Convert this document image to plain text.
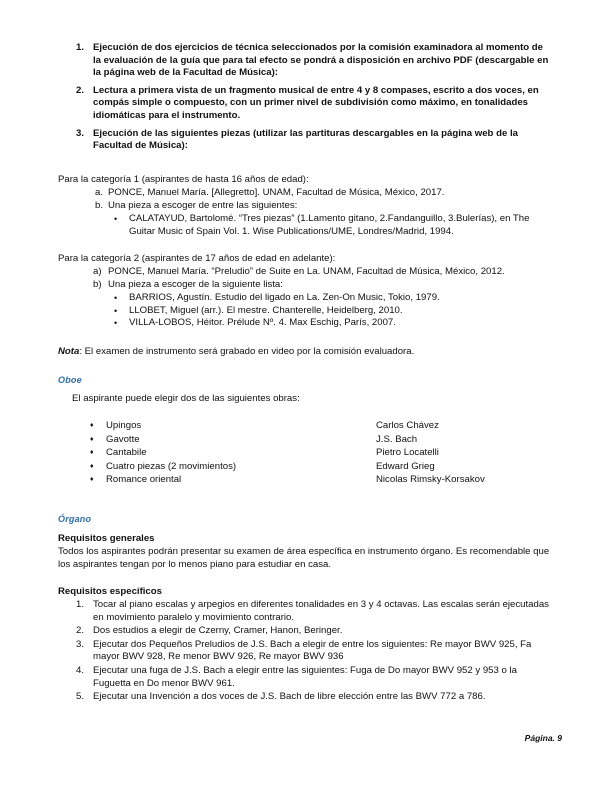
1. Ejecución de dos ejercicios de técnica seleccionados por la comisión examinadora al momento de la evaluación de la guía que para tal efecto se pondrá a disposición en archivo PDF (descargable en la página web de la Facultad de Música):
2. Lectura a primera vista de un fragmento musical de entre 4 y 8 compases, escrito a dos voces, en compás simple o compuesto, con un primer nivel de subdivisión como máximo, en tonalidades idiomáticas para el instrumento.
3. Ejecución de las siguientes piezas (utilizar las partituras descargables en la página web de la Facultad de Música):
Para la categoría 1 (aspirantes de hasta 16 años de edad):
a. PONCE, Manuel María. [Allegretto]. UNAM, Facultad de Música, México, 2017.
b. Una pieza a escoger de entre las siguientes:
• CALATAYUD, Bartolomé. “Tres piezas” (1.Lamento gitano, 2.Fandanguillo, 3.Bulerías), en The Guitar Music of Spain Vol. 1. Wise Publications/UME, Londres/Madrid, 1994.
Para la categoría 2 (aspirantes de 17 años de edad en adelante):
a) PONCE, Manuel María. “Preludio” de Suite en La. UNAM, Facultad de Música, México, 2012.
b) Una pieza a escoger de la siguiente lista:
• BARRIOS, Agustín. Estudio del ligado en La. Zen-On Music, Tokio, 1979.
• LLOBET, Miguel (arr.). El mestre. Chanterelle, Heidelberg, 2010.
• VILLA-LOBOS, Héitor. Prélude Nº. 4. Max Eschig, París, 2007.
Nota: El examen de instrumento será grabado en video por la comisión evaluadora.
Oboe
El aspirante puede elegir dos de las siguientes obras:
♦ Upingos	Carlos Chávez
♦ Gavotte	J.S. Bach
♦ Cantabile	Pietro Locatelli
♦ Cuatro piezas (2 movimientos)	Edward Grieg
♦ Romance oriental	Nicolas Rimsky-Korsakov
Órgano
Requisitos generales
Todos los aspirantes podrán presentar su examen de área específica en instrumento órgano. Es recomendable que los aspirantes tengan por lo menos piano para estudiar en casa.
Requisitos específicos
1. Tocar al piano escalas y arpegios en diferentes tonalidades en 3 y 4 octavas. Las escalas serán ejecutadas en movimiento paralelo y movimiento contrario.
2. Dos estudios a elegir de Czerny, Cramer, Hanon, Beringer.
3. Ejecutar dos Pequeños Preludios de J.S. Bach a elegir de entre los siguientes: Re mayor BWV 925, Fa mayor BWV 928, Re menor BWV 926, Re mayor BWV 936
4. Ejecutar una fuga de J.S. Bach a elegir entre las siguientes: Fuga de Do mayor BWV 952 y 953 o la Fuguetta en Do menor BWV 961.
5. Ejecutar una Invención a dos voces de J.S. Bach de libre elección entre las BWV 772 a 786.
Página. 9
